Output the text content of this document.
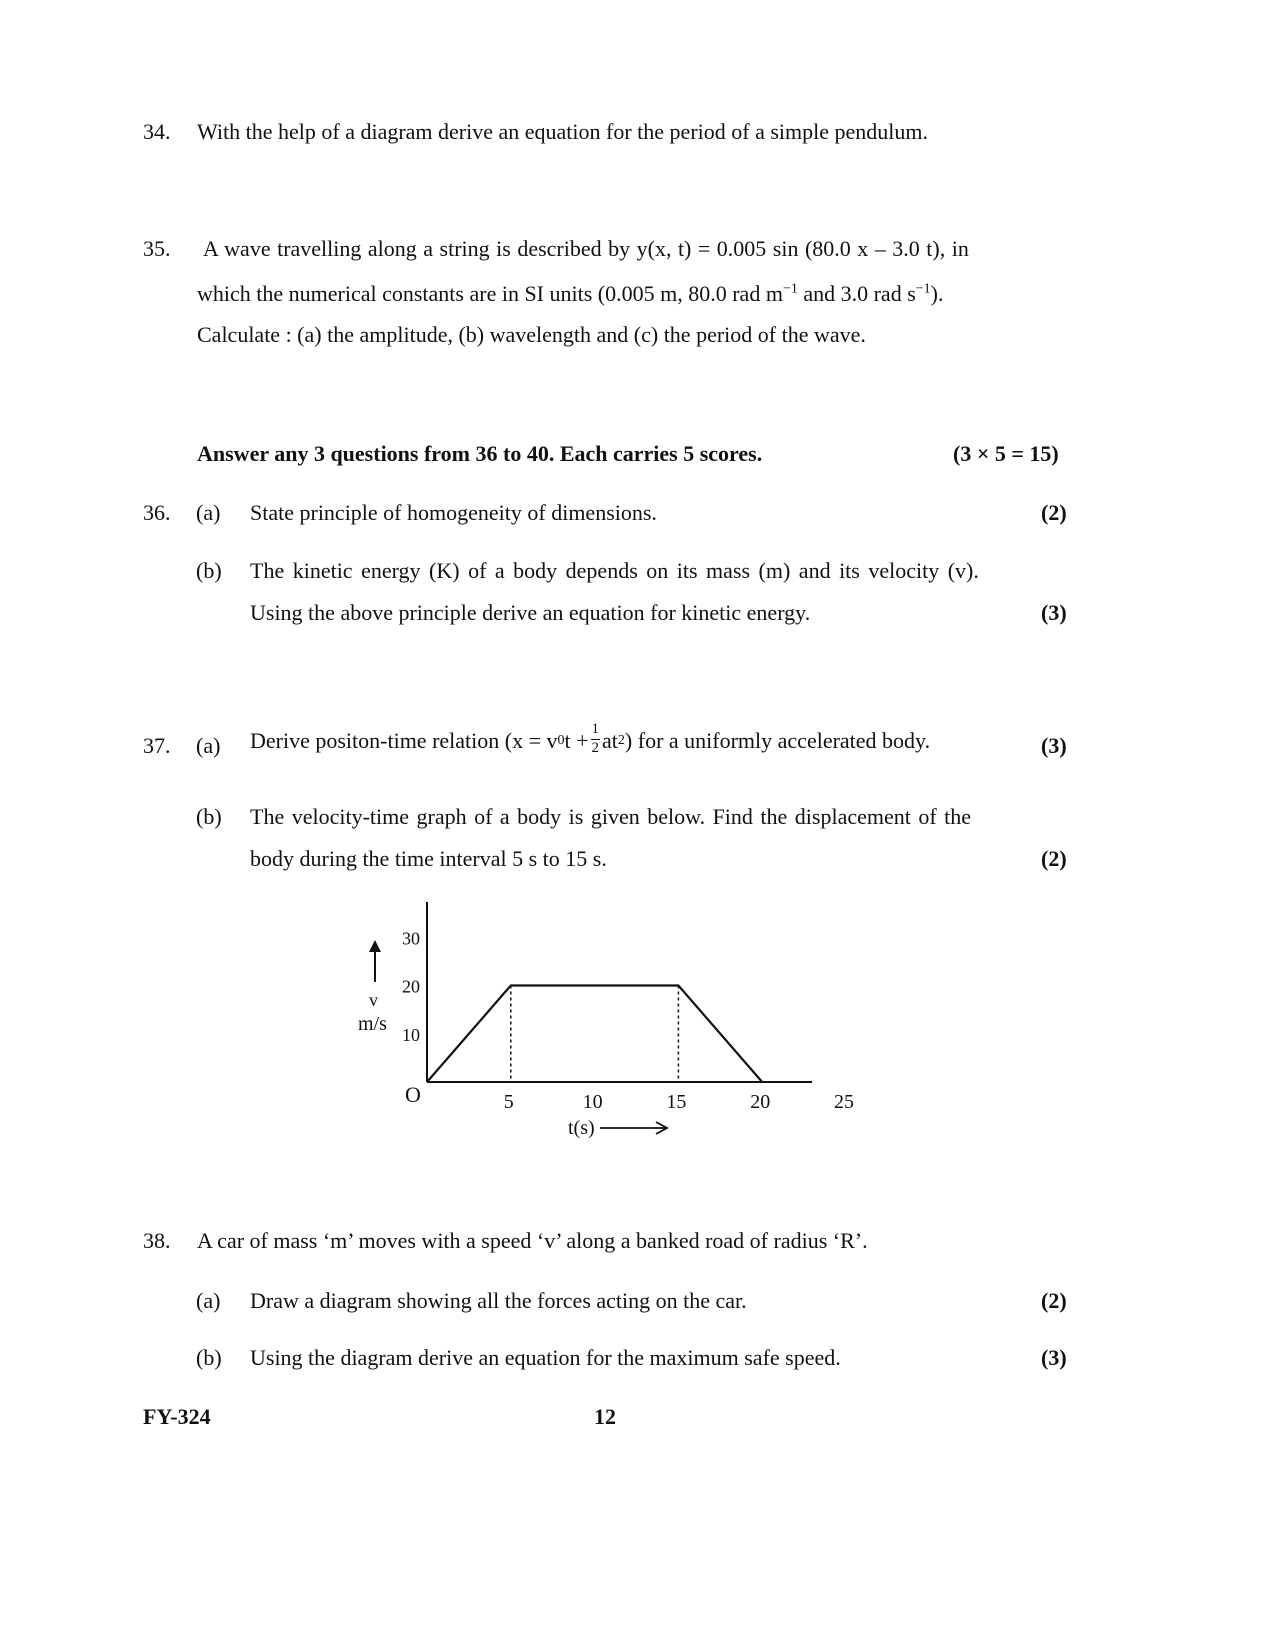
34. With the help of a diagram derive an equation for the period of a simple pendulum.
35. A wave travelling along a string is described by y(x, t) = 0.005 sin (80.0 x – 3.0 t), in
which the numerical constants are in SI units (0.005 m, 80.0 rad $m^{-1}$ and 3.0 rad $s^{-1}$).
Calculate : (a) the amplitude, (b) wavelength and (c) the period of the wave.
Answer any 3 questions from 36 to 40. Each carries 5 scores.	(3 × 5 = 15)
36. (a) State principle of homogeneity of dimensions.	(2)
(b) The kinetic energy (K) of a body depends on its mass (m) and its velocity (v).
Using the above principle derive an equation for kinetic energy.	(3)
37. (a) Derive positon-time relation (x = v 0 $t + \frac{1}{2}$ at 2 ) for a uniformly accelerated body.	(3)
(b) The velocity-time graph of a body is given below. Find the displacement of the
body during the time interval 5 s to 15 s.	(2)
5	10	15	20	25
10
20
30
O
t(s)
v
m/s
38. A car of mass ‘m’ moves with a speed ‘v’ along a banked road of radius ‘R’.
(a) Draw a diagram showing all the forces acting on the car.	(2)
(b) Using the diagram derive an equation for the maximum safe speed.	(3)
FY-324	12
